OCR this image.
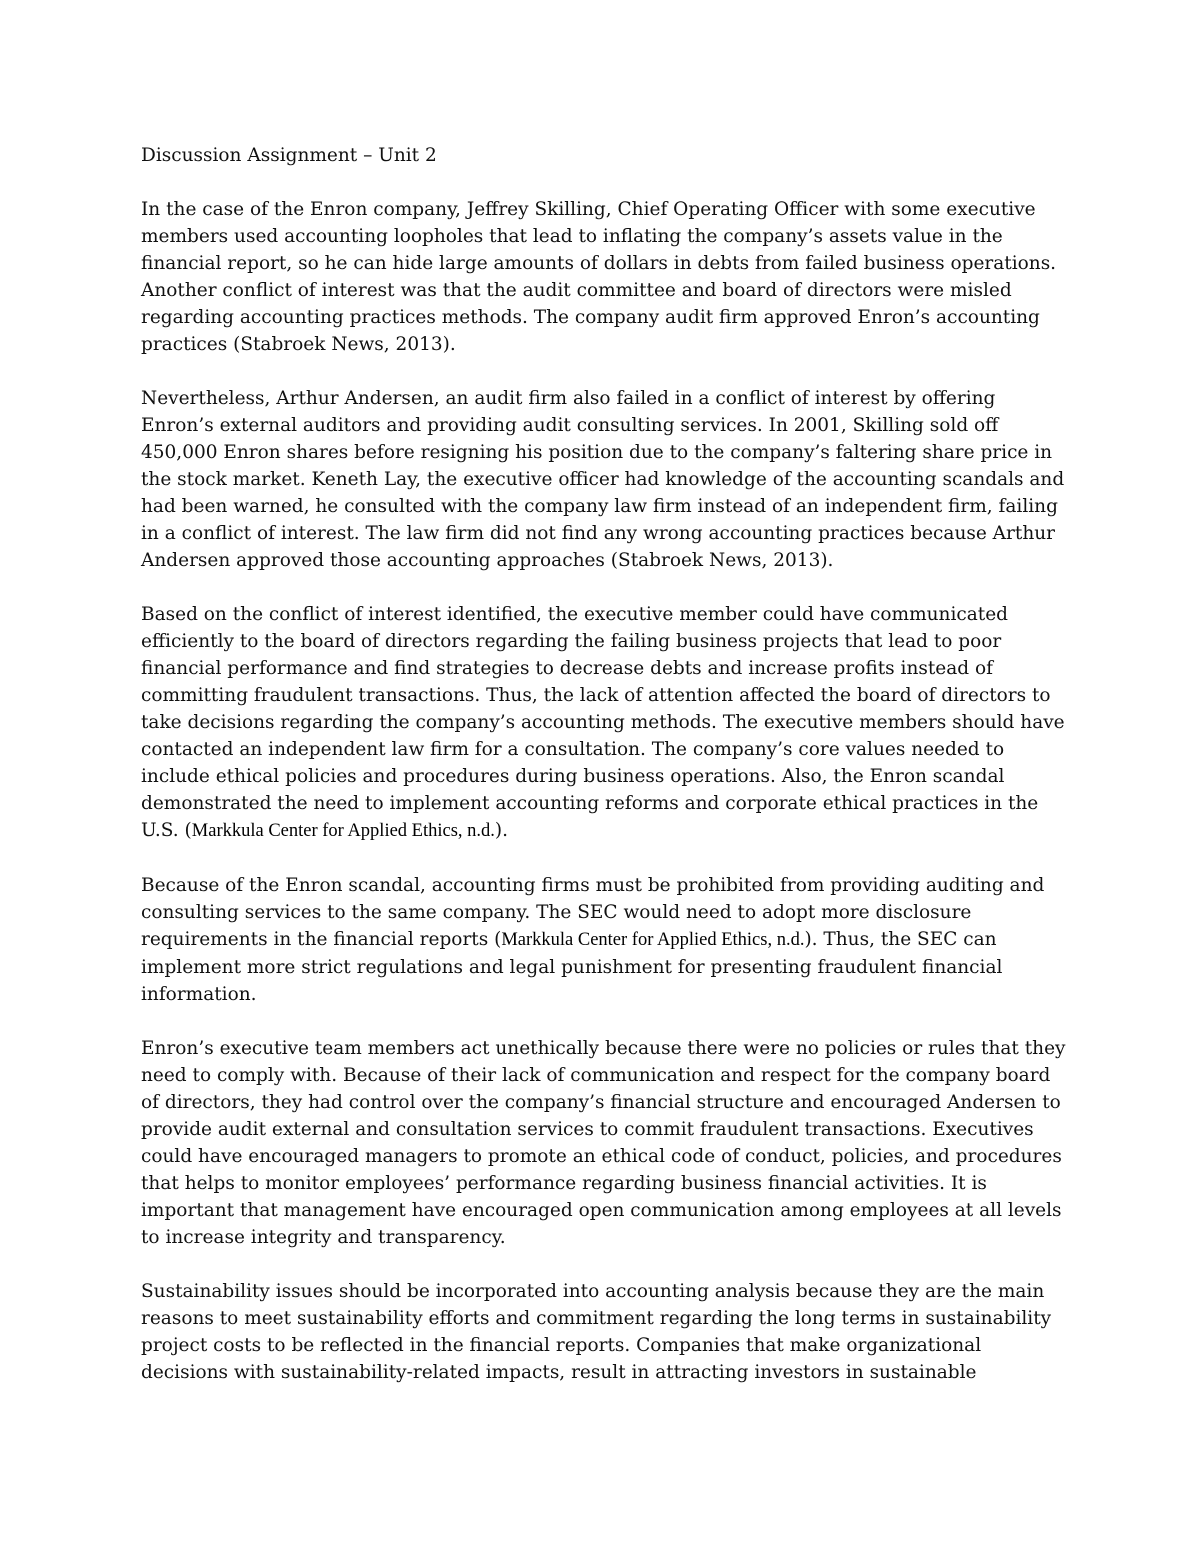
Discussion Assignment – Unit 2

In the case of the Enron company, Jeffrey Skilling, Chief Operating Officer with some executive members used accounting loopholes that lead to inflating the company’s assets value in the financial report, so he can hide large amounts of dollars in debts from failed business operations. Another conflict of interest was that the audit committee and board of directors were misled regarding accounting practices methods. The company audit firm approved Enron’s accounting practices (Stabroek News, 2013).

Nevertheless, Arthur Andersen, an audit firm also failed in a conflict of interest by offering Enron’s external auditors and providing audit consulting services. In 2001, Skilling sold off 450,000 Enron shares before resigning his position due to the company’s faltering share price in the stock market. Keneth Lay, the executive officer had knowledge of the accounting scandals and had been warned, he consulted with the company law firm instead of an independent firm, failing in a conflict of interest. The law firm did not find any wrong accounting practices because Arthur Andersen approved those accounting approaches (Stabroek News, 2013).

Based on the conflict of interest identified, the executive member could have communicated efficiently to the board of directors regarding the failing business projects that lead to poor financial performance and find strategies to decrease debts and increase profits instead of committing fraudulent transactions. Thus, the lack of attention affected the board of directors to take decisions regarding the company’s accounting methods. The executive members should have contacted an independent law firm for a consultation. The company’s core values needed to include ethical policies and procedures during business operations. Also, the Enron scandal demonstrated the need to implement accounting reforms and corporate ethical practices in the U.S. (Markkula Center for Applied Ethics, n.d.).

Because of the Enron scandal, accounting firms must be prohibited from providing auditing and consulting services to the same company. The SEC would need to adopt more disclosure requirements in the financial reports (Markkula Center for Applied Ethics, n.d.). Thus, the SEC can implement more strict regulations and legal punishment for presenting fraudulent financial information.

Enron’s executive team members act unethically because there were no policies or rules that they need to comply with. Because of their lack of communication and respect for the company board of directors, they had control over the company’s financial structure and encouraged Andersen to provide audit external and consultation services to commit fraudulent transactions. Executives could have encouraged managers to promote an ethical code of conduct, policies, and procedures that helps to monitor employees’ performance regarding business financial activities. It is important that management have encouraged open communication among employees at all levels to increase integrity and transparency.

Sustainability issues should be incorporated into accounting analysis because they are the main reasons to meet sustainability efforts and commitment regarding the long terms in sustainability project costs to be reflected in the financial reports. Companies that make organizational decisions with sustainability-related impacts, result in attracting investors in sustainable
